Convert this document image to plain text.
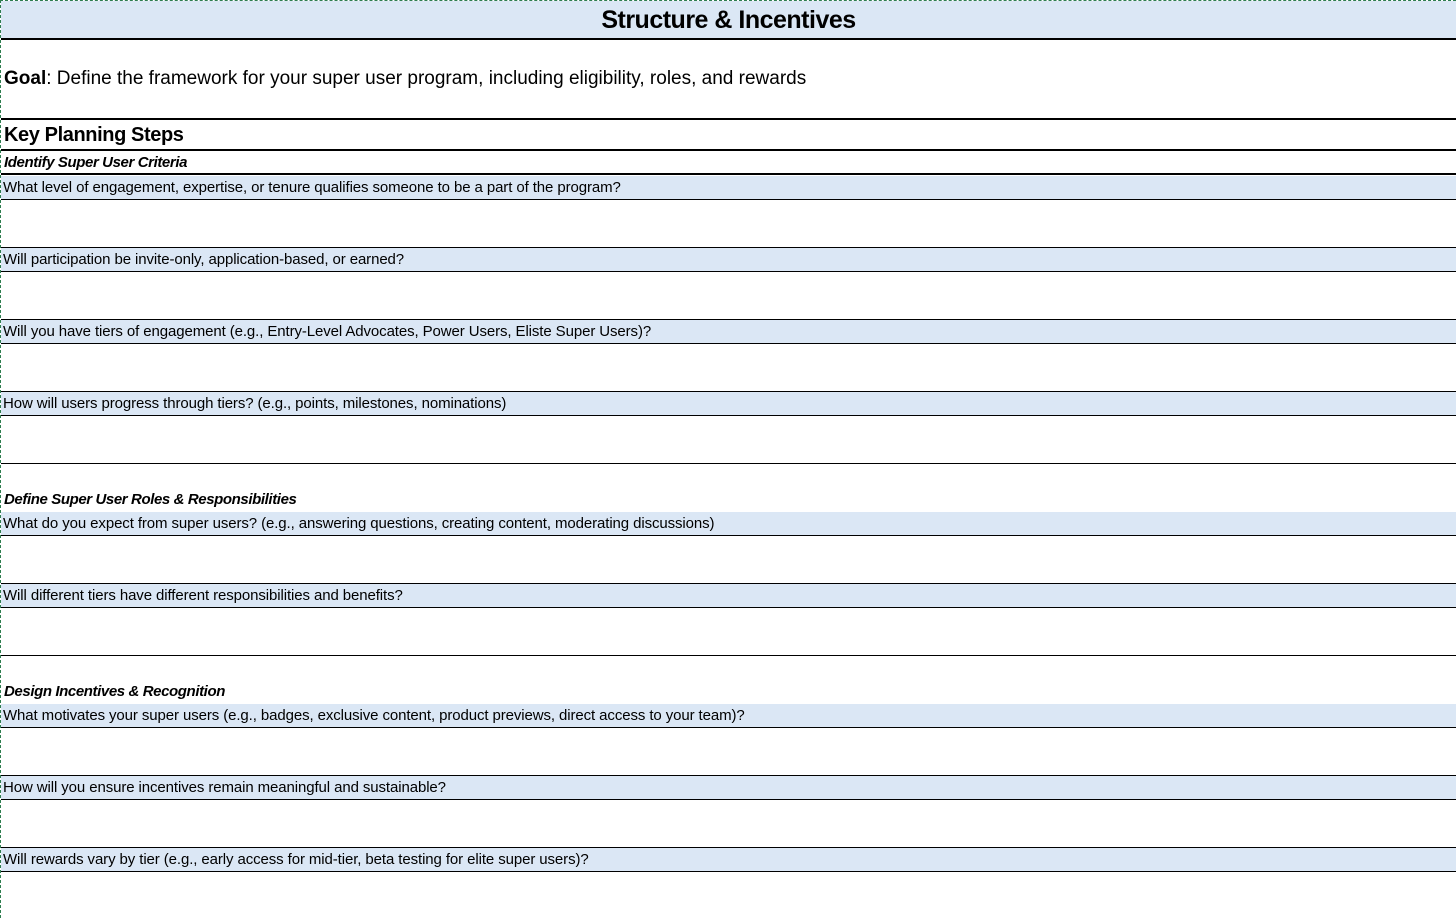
Structure & Incentives
Goal: Define the framework for your super user program, including eligibility, roles, and rewards
Key Planning Steps
Identify Super User Criteria
What level of engagement, expertise, or tenure qualifies someone to be a part of the program?
Will participation be invite-only, application-based, or earned?
Will you have tiers of engagement (e.g., Entry-Level Advocates, Power Users, Eliste Super Users)?
How will users progress through tiers? (e.g., points, milestones, nominations)
Define Super User Roles & Responsibilities
What do you expect from super users? (e.g., answering questions, creating content, moderating discussions)
Will different tiers have different responsibilities and benefits?
Design Incentives & Recognition
What motivates your super users (e.g., badges, exclusive content, product previews, direct access to your team)?
How will you ensure incentives remain meaningful and sustainable?
Will rewards vary by tier (e.g., early access for mid-tier, beta testing for elite super users)?
